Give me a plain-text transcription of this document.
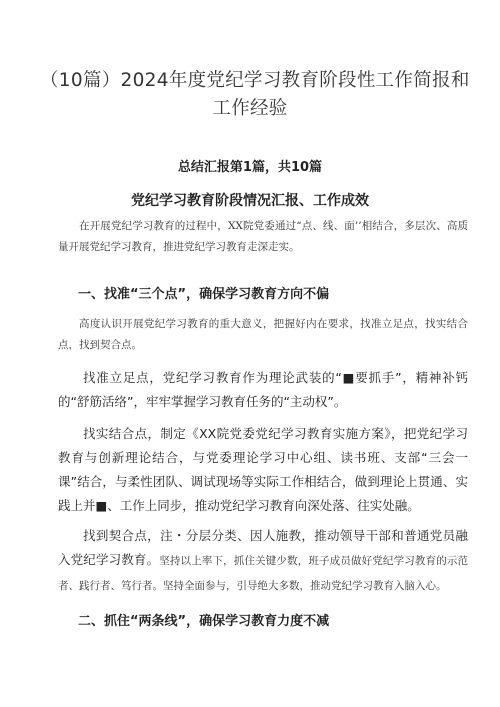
（10篇）2024年度党纪学习教育阶段性工作简报和
工作经验

总结汇报第1篇，共10篇

党纪学习教育阶段情况汇报、工作成效

在开展党纪学习教育的过程中，XX院党委通过“点、线、面’’相结合，多层次、高质量开展党纪学习教育，推进党纪学习教育走深走实。

一、找准“三个点”，确保学习教育方向不偏

高度认识开展党纪学习教育的重大意义，把握好内在要求，找准立足点，找实结合点，找到契合点。

找准立足点，党纪学习教育作为理论武装的“■要抓手”，精神补钙的“舒筋活络”，牢牢掌握学习教育任务的“主动权”。

找实结合点，制定《XX院党委党纪学习教育实施方案》，把党纪学习教育与创新理论结合，与党委理论学习中心组、读书班、支部“三会一课”结合，与柔性团队、调试现场等实际工作相结合，做到理论上贯通、实践上并■、工作上同步，推动党纪学习教育向深处落、往实处融。

找到契合点，注・分层分类、因人施教，推动领导干部和普通党员融入党纪学习教育。坚持以上率下，抓住关键少数，班子成员做好党纪学习教育的示范者、践行者、笃行者。坚持全面参与，引导绝大多数，推动党纪学习教育入脑入心。

二、抓住“两条线”，确保学习教育力度不减
